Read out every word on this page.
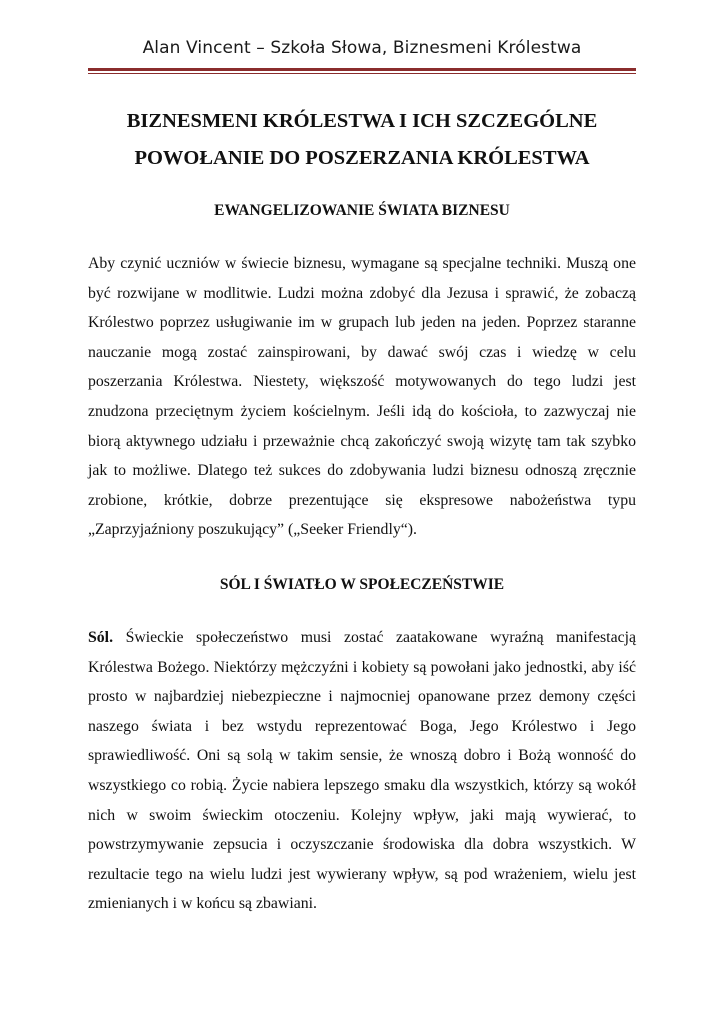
Alan Vincent – Szkoła Słowa, Biznesmeni Królestwa
BIZNESMENI KRÓLESTWA I ICH SZCZEGÓLNE
POWOŁANIE DO POSZERZANIA KRÓLESTWA
EWANGELIZOWANIE ŚWIATA BIZNESU

Aby czynić uczniów w świecie biznesu, wymagane są specjalne techniki. Muszą one być rozwijane w modlitwie. Ludzi można zdobyć dla Jezusa i sprawić, że zobaczą Królestwo poprzez usługiwanie im w grupach lub jeden na jeden. Poprzez staranne nauczanie mogą zostać zainspirowani, by dawać swój czas i wiedzę w celu poszerzania Królestwa. Niestety, większość motywowanych do tego ludzi jest znudzona przeciętnym życiem kościelnym. Jeśli idą do kościoła, to zazwyczaj nie biorą aktywnego udziału i przeważnie chcą zakończyć swoją wizytę tam tak szybko jak to możliwe. Dlatego też sukces do zdobywania ludzi biznesu odnoszą zręcznie zrobione, krótkie, dobrze prezentujące się ekspresowe nabożeństwa typu „Zaprzyjaźniony poszukujący” („Seeker Friendly“).

SÓL I ŚWIATŁO W SPOŁECZEŃSTWIE

Sól. Świeckie społeczeństwo musi zostać zaatakowane wyraźną manifestacją Królestwa Bożego. Niektórzy mężczyźni i kobiety są powołani jako jednostki, aby iść prosto w najbardziej niebezpieczne i najmocniej opanowane przez demony części naszego świata i bez wstydu reprezentować Boga, Jego Królestwo i Jego sprawiedliwość. Oni są solą w takim sensie, że wnoszą dobro i Bożą wonność do wszystkiego co robią. Życie nabiera lepszego smaku dla wszystkich, którzy są wokół nich w swoim świeckim otoczeniu. Kolejny wpływ, jaki mają wywierać, to powstrzymywanie zepsucia i oczyszczanie środowiska dla dobra wszystkich. W rezultacie tego na wielu ludzi jest wywierany wpływ, są pod wrażeniem, wielu jest zmienianych i w końcu są zbawiani.
